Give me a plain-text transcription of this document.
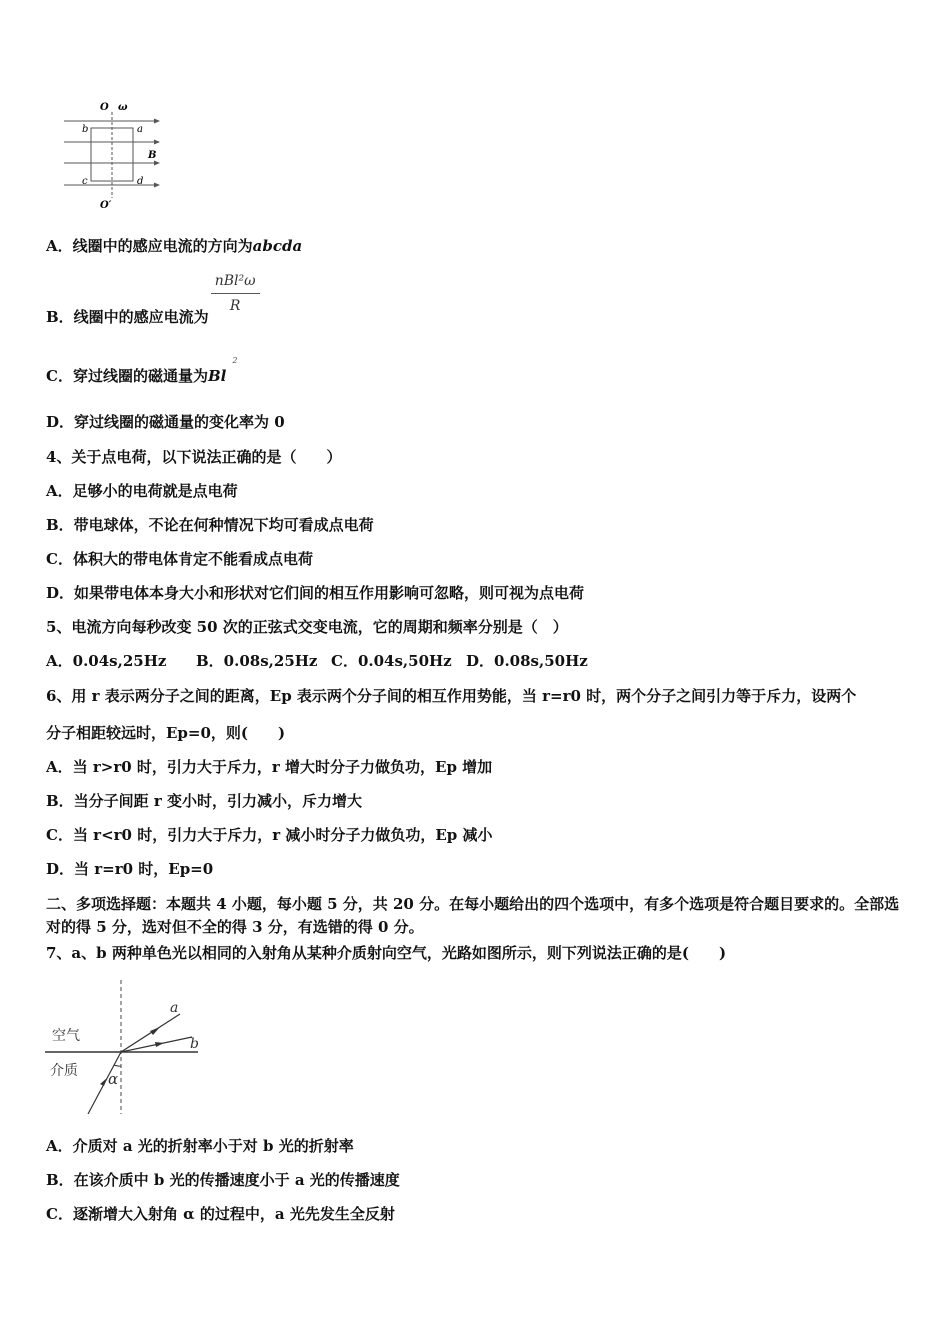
O ω
b	a
B
c	d
O′
A．线圈中的感应电流的方向为abcda
B．线圈中的感应电流为
$\frac{\text{nBl²ω}}{R}$
C．穿过线圈的磁通量为Bl$^2$
D．穿过线圈的磁通量的变化率为 0
4、关于点电荷，以下说法正确的是（　　）
A．足够小的电荷就是点电荷
B．带电球体，不论在何种情况下均可看成点电荷
C．体积大的带电体肯定不能看成点电荷
D．如果带电体本身大小和形状对它们间的相互作用影响可忽略，则可视为点电荷
5、电流方向每秒改变 50 次的正弦式交变电流，它的周期和频率分别是（　）
A．0.04s,25Hz B．0.08s,25Hz C．0.04s,50Hz D．0.08s,50Hz
6、用 r 表示两分子之间的距离，Ep 表示两个分子间的相互作用势能，当 r=r0 时，两个分子之间引力等于斥力，设两个
分子相距较远时，Ep=0，则(　　)
A．当 r>r0 时，引力大于斥力，r 增大时分子力做负功，Ep 增加
B．当分子间距 r 变小时，引力减小，斥力增大
C．当 r<r0 时，引力大于斥力，r 减小时分子力做负功，Ep 减小
D．当 r=r0 时，Ep=0
二、多项选择题：本题共 4 小题，每小题 5 分，共 20 分。在每小题给出的四个选项中，有多个选项是符合题目要求的。全部选对的得 5 分，选对但不全的得 3 分，有选错的得 0 分。
7、a、b 两种单色光以相同的入射角从某种介质射向空气，光路如图所示，则下列说法正确的是(　　)
空气
介质
a
b
α
A．介质对 a 光的折射率小于对 b 光的折射率
B．在该介质中 b 光的传播速度小于 a 光的传播速度
C．逐渐增大入射角 α 的过程中，a 光先发生全反射
